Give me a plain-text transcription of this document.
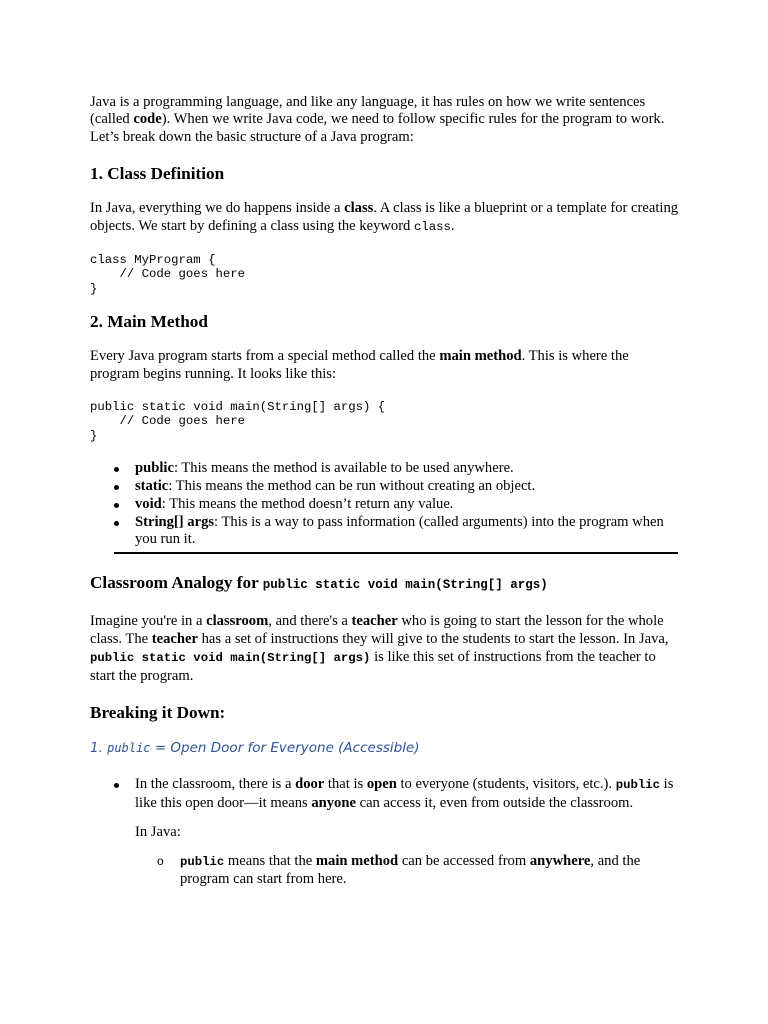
Java is a programming language, and like any language, it has rules on how we write sentences (called code). When we write Java code, we need to follow specific rules for the program to work. Let’s break down the basic structure of a Java program:

1. Class Definition

In Java, everything we do happens inside a class. A class is like a blueprint or a template for creating objects. We start by defining a class using the keyword class.

class MyProgram {
// Code goes here
}
2. Main Method

Every Java program starts from a special method called the main method. This is where the program begins running. It looks like this:

public static void main(String[] args) {
// Code goes here
}
public: This means the method is available to be used anywhere.
static: This means the method can be run without creating an object.
void: This means the method doesn’t return any value.
String[] args: This is a way to pass information (called arguments) into the program when you run it.
Classroom Analogy for public static void main(String[] args)

Imagine you're in a classroom, and there's a teacher who is going to start the lesson for the whole class. The teacher has a set of instructions they will give to the students to start the lesson. In Java, public static void main(String[] args) is like this set of instructions from the teacher to start the program.

Breaking it Down:

1. public = Open Door for Everyone (Accessible)

In the classroom, there is a door that is open to everyone (students, visitors, etc.). public is like this open door—it means anyone can access it, even from outside the classroom.

In Java:

o public means that the main method can be accessed from anywhere, and the program can start from here.
